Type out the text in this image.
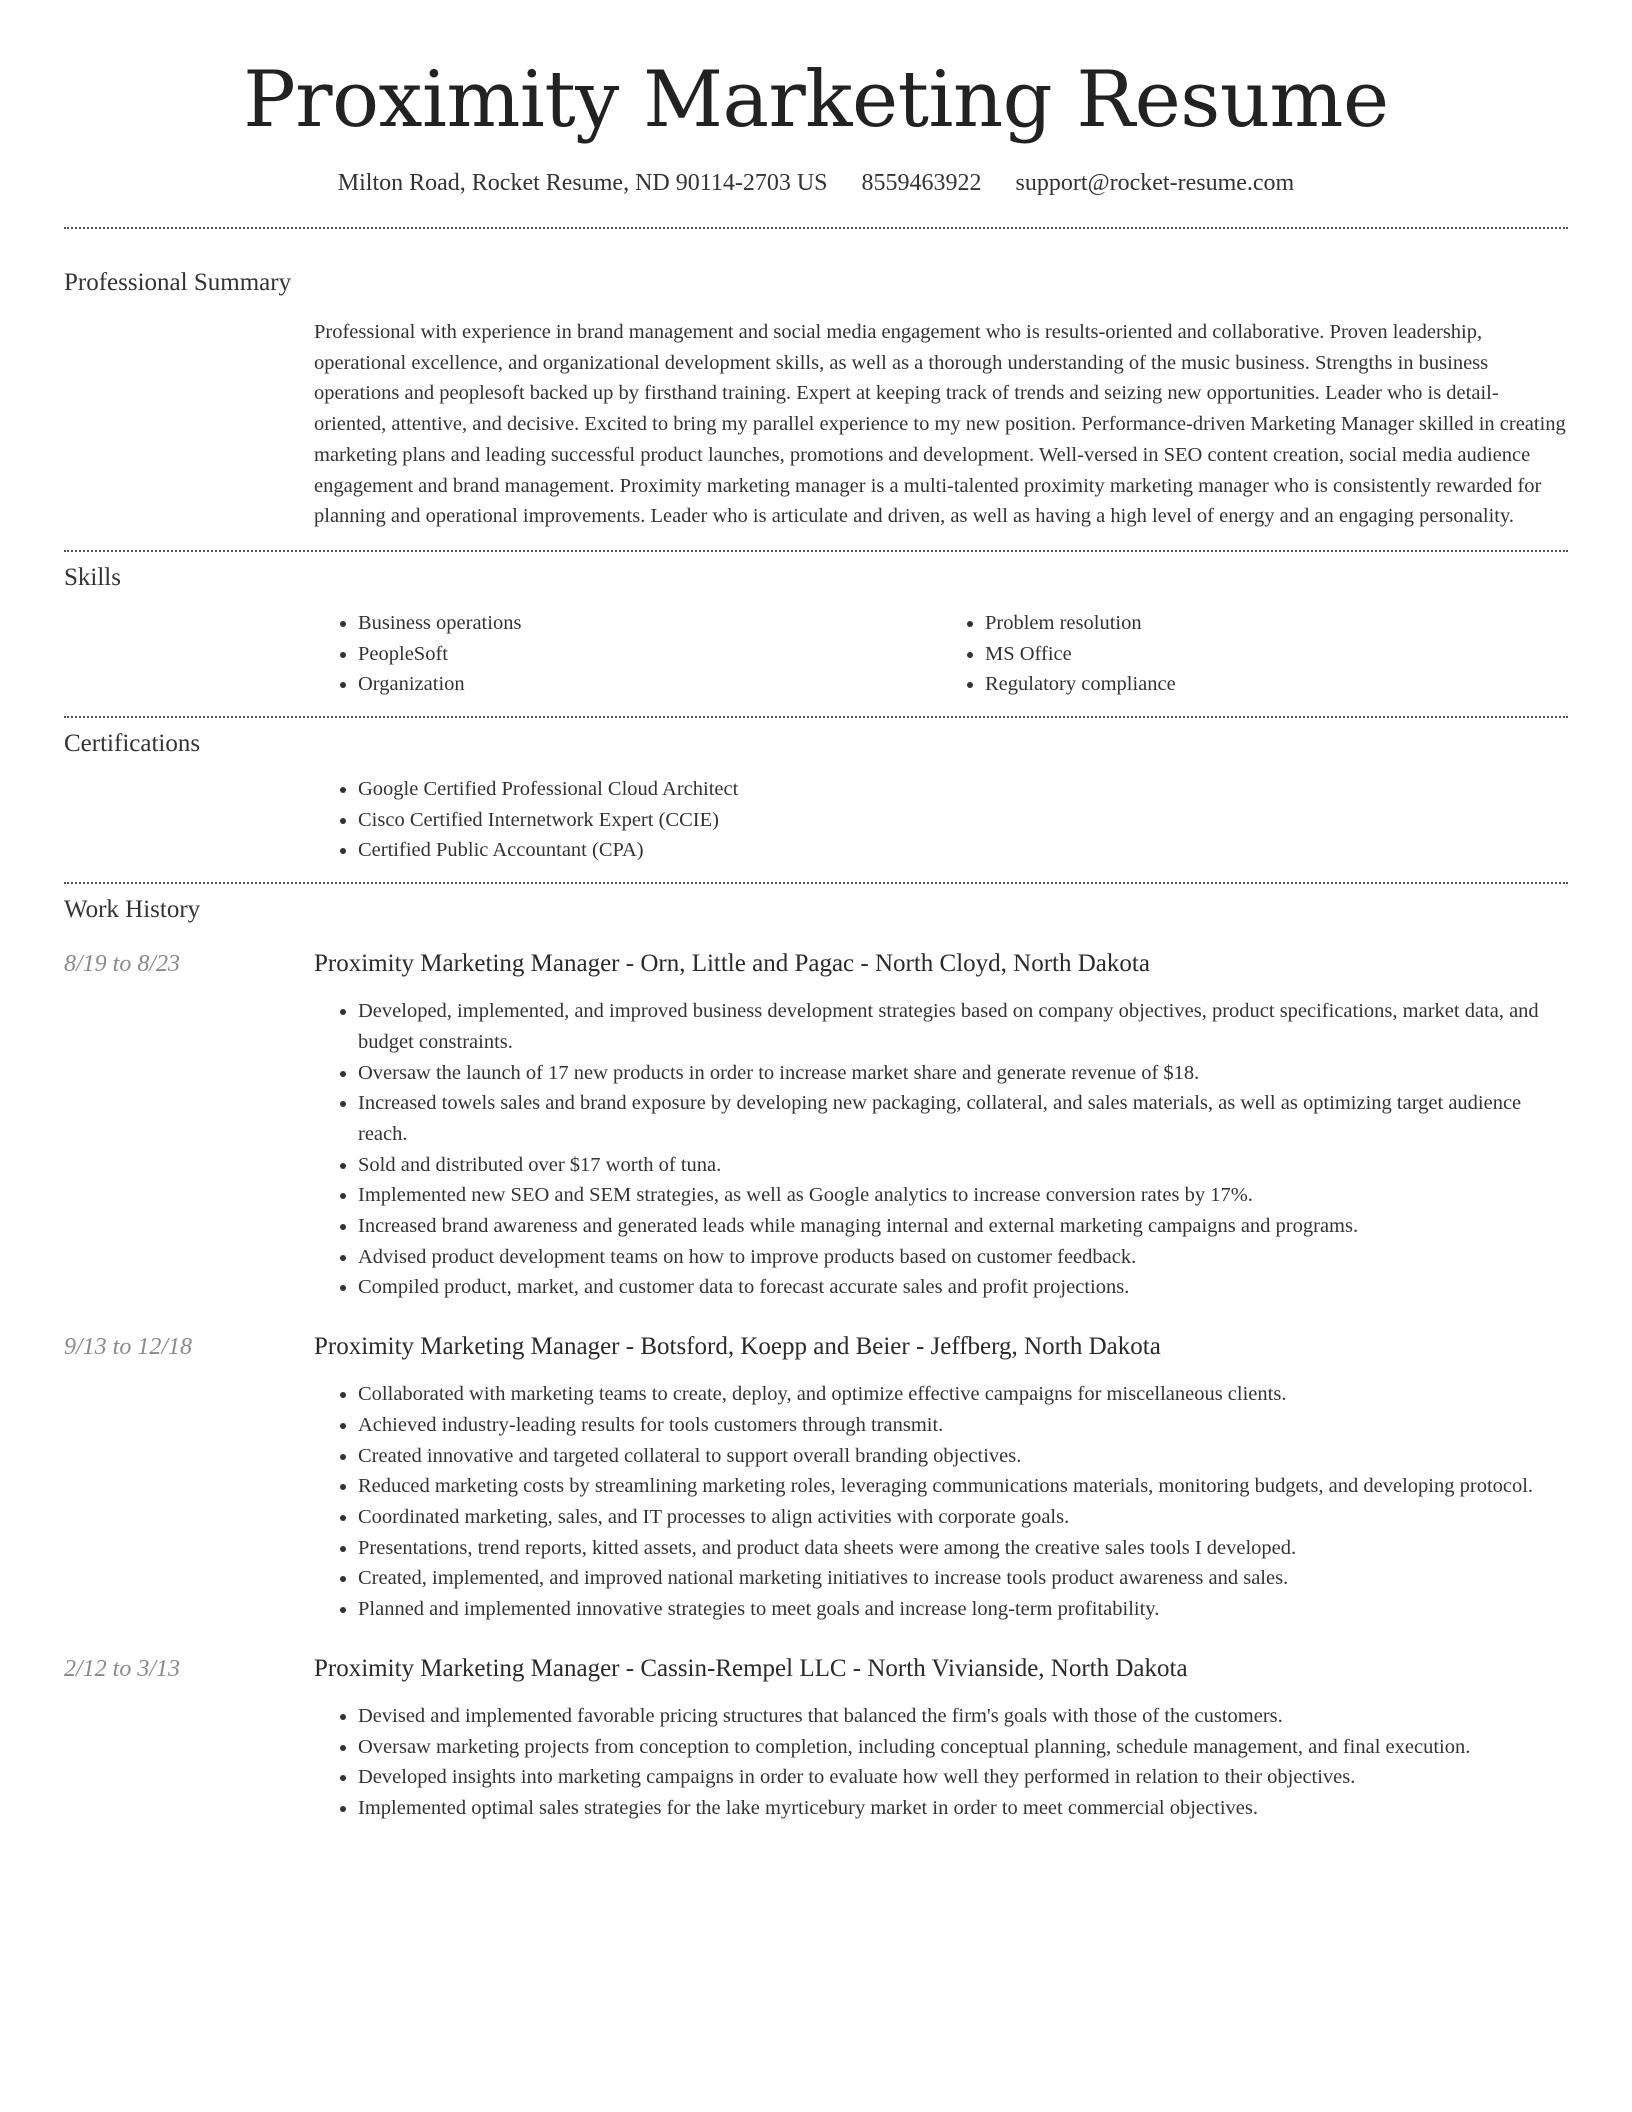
Proximity Marketing Resume
Milton Road, Rocket Resume, ND 90114-2703 US 8559463922 support@rocket-resume.com
Professional Summary

Professional with experience in brand management and social media engagement who is results-oriented and collaborative. Proven leadership, operational excellence, and organizational development skills, as well as a thorough understanding of the music business. Strengths in business operations and peoplesoft backed up by firsthand training. Expert at keeping track of trends and seizing new opportunities. Leader who is detail-oriented, attentive, and decisive. Excited to bring my parallel experience to my new position. Performance-driven Marketing Manager skilled in creating marketing plans and leading successful product launches, promotions and development. Well-versed in SEO content creation, social media audience engagement and brand management. Proximity marketing manager is a multi-talented proximity marketing manager who is consistently rewarded for planning and operational improvements. Leader who is articulate and driven, as well as having a high level of energy and an engaging personality.

Skills
• Business operations
• PeopleSoft
• Organization
• Problem resolution
• MS Office
• Regulatory compliance
Certifications
• Google Certified Professional Cloud Architect
• Cisco Certified Internetwork Expert (CCIE)
• Certified Public Accountant (CPA)
Work History
8/19 to 8/23	Proximity Marketing Manager - Orn, Little and Pagac - North Cloyd, North Dakota
• Developed, implemented, and improved business development strategies based on company objectives, product specifications, market data, and budget constraints.
• Oversaw the launch of 17 new products in order to increase market share and generate revenue of $18.
• Increased towels sales and brand exposure by developing new packaging, collateral, and sales materials, as well as optimizing target audience reach.
• Sold and distributed over $17 worth of tuna.
• Implemented new SEO and SEM strategies, as well as Google analytics to increase conversion rates by 17%.
• Increased brand awareness and generated leads while managing internal and external marketing campaigns and programs.
• Advised product development teams on how to improve products based on customer feedback.
• Compiled product, market, and customer data to forecast accurate sales and profit projections.
9/13 to 12/18	Proximity Marketing Manager - Botsford, Koepp and Beier - Jeffberg, North Dakota
• Collaborated with marketing teams to create, deploy, and optimize effective campaigns for miscellaneous clients.
• Achieved industry-leading results for tools customers through transmit.
• Created innovative and targeted collateral to support overall branding objectives.
• Reduced marketing costs by streamlining marketing roles, leveraging communications materials, monitoring budgets, and developing protocol.
• Coordinated marketing, sales, and IT processes to align activities with corporate goals.
• Presentations, trend reports, kitted assets, and product data sheets were among the creative sales tools I developed.
• Created, implemented, and improved national marketing initiatives to increase tools product awareness and sales.
• Planned and implemented innovative strategies to meet goals and increase long-term profitability.
2/12 to 3/13	Proximity Marketing Manager - Cassin-Rempel LLC - North Vivianside, North Dakota
• Devised and implemented favorable pricing structures that balanced the firm's goals with those of the customers.
• Oversaw marketing projects from conception to completion, including conceptual planning, schedule management, and final execution.
• Developed insights into marketing campaigns in order to evaluate how well they performed in relation to their objectives.
• Implemented optimal sales strategies for the lake myrticebury market in order to meet commercial objectives.
